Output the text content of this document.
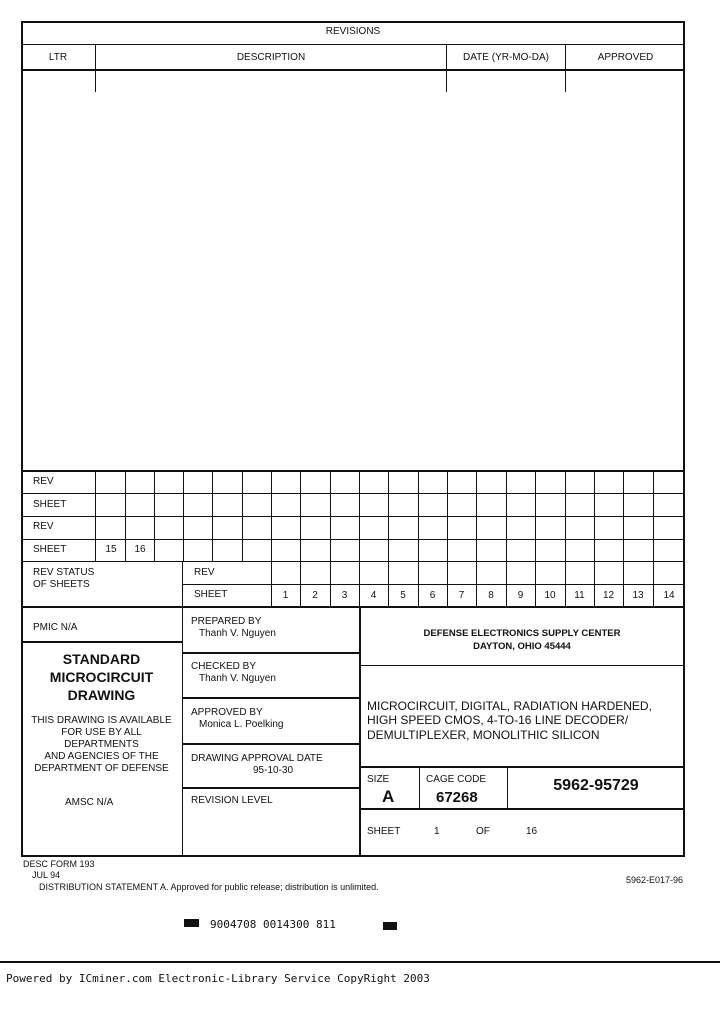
REVISIONS
LTR	DESCRIPTION	DATE (YR-MO-DA)	APPROVED
REV
SHEET
REV
SHEET	15	16
REV STATUS
OF SHEETS
REV
SHEET	1	2	3	4	5	6	7	8	9	10	11	12	13	14
PMIC N/A
STANDARD
MICROCIRCUIT
DRAWING
THIS DRAWING IS AVAILABLE
FOR USE BY ALL
DEPARTMENTS
AND AGENCIES OF THE
DEPARTMENT OF DEFENSE
AMSC N/A
PREPARED BY
Thanh V. Nguyen
CHECKED BY
Thanh V. Nguyen
APPROVED BY
Monica L. Poelking
DRAWING APPROVAL DATE
95-10-30
REVISION LEVEL
DEFENSE ELECTRONICS SUPPLY CENTER
DAYTON, OHIO 45444
MICROCIRCUIT, DIGITAL, RADIATION HARDENED,
HIGH SPEED CMOS, 4-TO-16 LINE DECODER/
DEMULTIPLEXER, MONOLITHIC SILICON
SIZE
A
CAGE CODE
67268
5962-95729
SHEET	1	OF	16
DESC FORM 193
JUL 94
DISTRIBUTION STATEMENT A. Approved for public release; distribution is unlimited.
5962-E017-96
9004708 0014300 811
Powered by ICminer.com Electronic-Library Service CopyRight 2003
